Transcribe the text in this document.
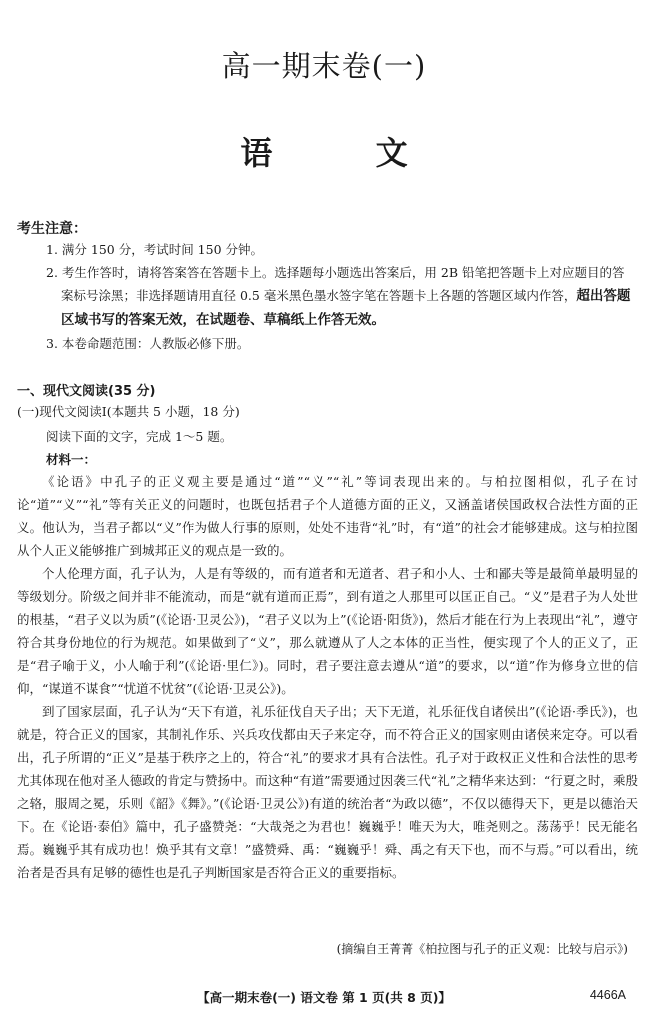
高一期末卷(一)
语 文
考生注意：
1. 满分 150 分，考试时间 150 分钟。
2. 考生作答时，请将答案答在答题卡上。选择题每小题选出答案后，用 2B 铅笔把答题卡上对应题目的答案标号涂黑；非选择题请用直径 0.5 毫米黑色墨水签字笔在答题卡上各题的答题区域内作答，超出答题区域书写的答案无效，在试题卷、草稿纸上作答无效。
3. 本卷命题范围：人教版必修下册。
一、现代文阅读(35 分)
(一)现代文阅读Ⅰ(本题共 5 小题，18 分)
阅读下面的文字，完成 1～5 题。
材料一：

《论语》中孔子的正义观主要是通过“道”“义”“礼”等词表现出来的。与柏拉图相似，孔子在讨论“道”“义”“礼”等有关正义的问题时，也既包括君子个人道德方面的正义，又涵盖诸侯国政权合法性方面的正义。他认为，当君子都以“义”作为做人行事的原则，处处不违背“礼”时，有“道”的社会才能够建成。这与柏拉图从个人正义能够推广到城邦正义的观点是一致的。

个人伦理方面，孔子认为，人是有等级的，而有道者和无道者、君子和小人、士和鄙夫等是最简单最明显的等级划分。阶级之间并非不能流动，而是“就有道而正焉”，到有道之人那里可以匡正自己。“义”是君子为人处世的根基，“君子义以为质”(《论语·卫灵公》)，“君子义以为上”(《论语·阳货》)，然后才能在行为上表现出“礼”，遵守符合其身份地位的行为规范。如果做到了“义”，那么就遵从了人之本体的正当性，便实现了个人的正义了，正是“君子喻于义，小人喻于利”(《论语·里仁》)。同时，君子要注意去遵从“道”的要求，以“道”作为修身立世的信仰，“谋道不谋食”“忧道不忧贫”(《论语·卫灵公》)。

到了国家层面，孔子认为“天下有道，礼乐征伐自天子出；天下无道，礼乐征伐自诸侯出”(《论语·季氏》)，也就是，符合正义的国家，其制礼作乐、兴兵攻伐都由天子来定夺，而不符合正义的国家则由诸侯来定夺。可以看出，孔子所谓的“正义”是基于秩序之上的，符合“礼”的要求才具有合法性。孔子对于政权正义性和合法性的思考尤其体现在他对圣人德政的肯定与赞扬中。而这种“有道”需要通过因袭三代“礼”之精华来达到：“行夏之时，乘殷之辂，服周之冕，乐则《韶》《舞》。”(《论语·卫灵公》)有道的统治者“为政以德”，不仅以德得天下，更是以德治天下。在《论语·泰伯》篇中，孔子盛赞尧：“大哉尧之为君也！巍巍乎！唯天为大，唯尧则之。荡荡乎！民无能名焉。巍巍乎其有成功也！焕乎其有文章！”盛赞舜、禹：“巍巍乎！舜、禹之有天下也，而不与焉。”可以看出，统治者是否具有足够的德性也是孔子判断国家是否符合正义的重要指标。

(摘编自王菁菁《柏拉图与孔子的正义观：比较与启示》)
【高一期末卷(一) 语文卷 第 1 页(共 8 页)】	4466A
